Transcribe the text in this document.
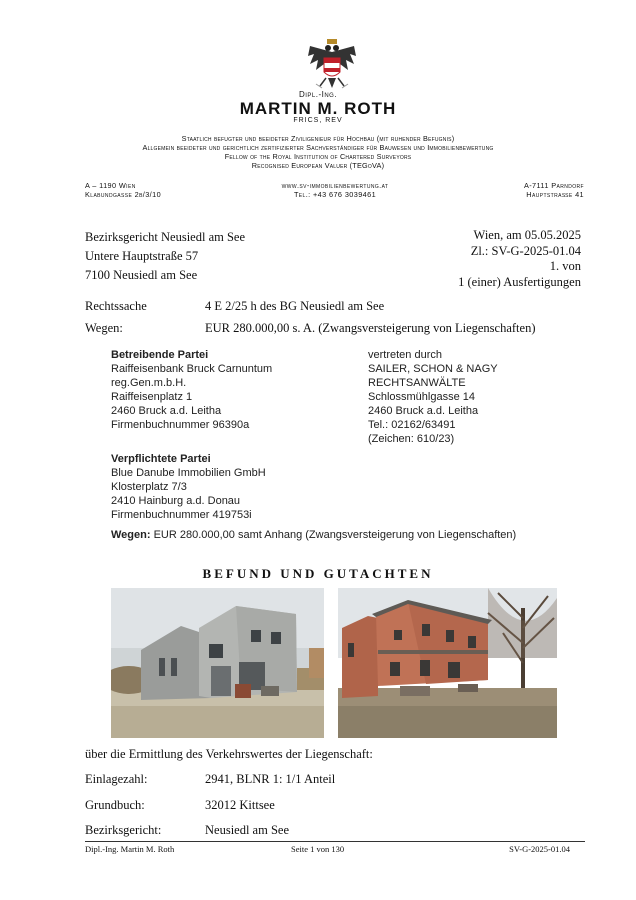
Dipl.-Ing.
MARTIN M. ROTH
FRICS, REV
Staatlich befugter und beeideter Ziviligenieur für Hochbau (mit ruhender Befugnis)
Allgemein beeideter und gerichtlich zertifizierter Sachverständiger für Bauwesen und Immobilienbewertung
Fellow of the Royal Institution of Chartered Surveyors
Recognised European Valuer (TEGoVA)
A – 1190 Wien
Klabundgasse 2b/3/10
www.sv-immobilienbewertung.at
Tel.: +43 676 3039461
A-7111 Parndorf
Hauptstraße 41
Bezirksgericht Neusiedl am See
Untere Hauptstraße 57
7100 Neusiedl am See
Wien, am 05.05.2025
Zl.: SV-G-2025-01.04
1. von
1 (einer) Ausfertigungen
Rechtssache	4 E 2/25 h des BG Neusiedl am See
Wegen:	EUR 280.000,00 s. A. (Zwangsversteigerung von Liegenschaften)
Betreibende Partei
Raiffeisenbank Bruck Carnuntum
reg.Gen.m.b.H.
Raiffeisenplatz 1
2460 Bruck a.d. Leitha
Firmenbuchnummer 96390a
vertreten durch
SAILER, SCHON & NAGY
RECHTSANWÄLTE
Schlossmühlgasse 14
2460 Bruck a.d. Leitha
Tel.: 02162/63491
(Zeichen: 610/23)
Verpflichtete Partei
Blue Danube Immobilien GmbH
Klosterplatz 7/3
2410 Hainburg a.d. Donau
Firmenbuchnummer 419753i
Wegen: EUR 280.000,00 samt Anhang (Zwangsversteigerung von Liegenschaften)
BEFUND UND GUTACHTEN
über die Ermittlung des Verkehrswertes der Liegenschaft:
Einlagezahl:	2941, BLNR 1: 1/1 Anteil
Grundbuch:	32012 Kittsee
Bezirksgericht:	Neusiedl am See
Dipl.-Ing. Martin M. Roth	Seite 1 von 130	SV-G-2025-01.04
